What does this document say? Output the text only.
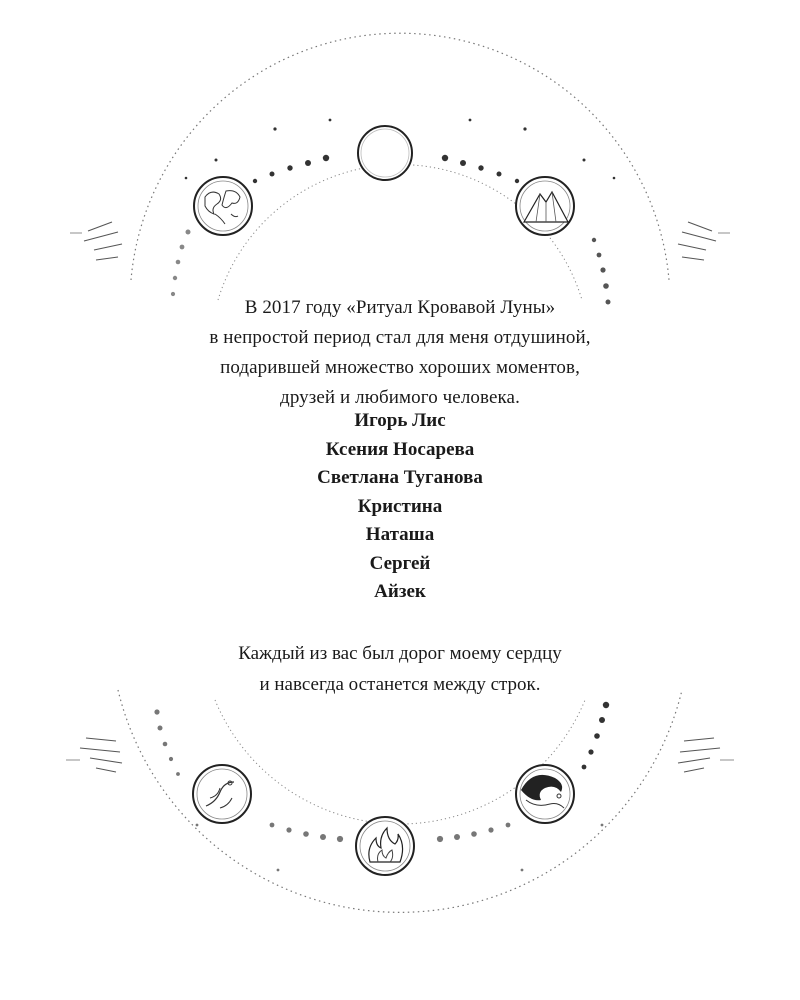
В 2017 году «Ритуал Кровавой Луны»
в непростой период стал для меня отдушиной,
подарившей множество хороших моментов,
друзей и любимого человека.
Игорь Лис
Ксения Носарева
Светлана Туганова
Кристина
Наташа
Сергей
Айзек
Каждый из вас был дорог моему сердцу
и навсегда останется между строк.
